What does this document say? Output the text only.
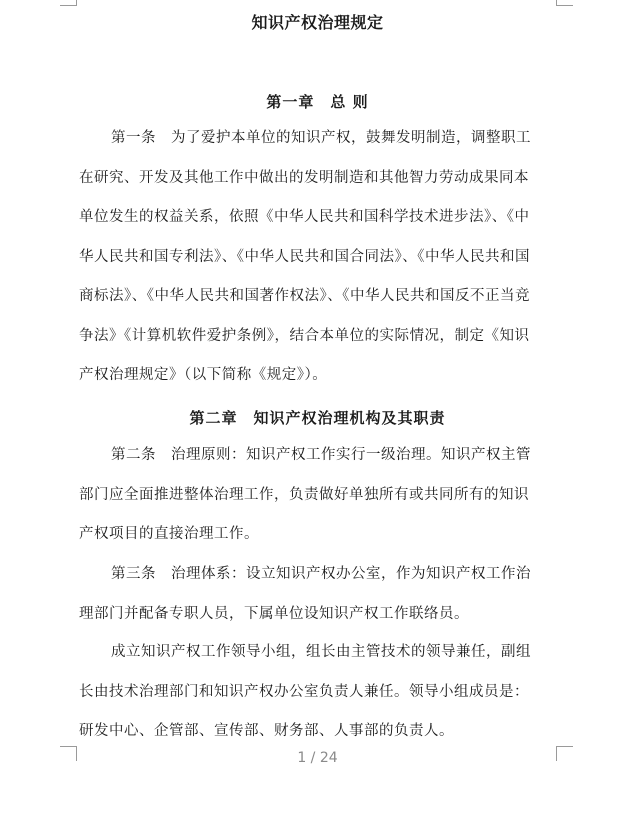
知识产权治理规定
第一章　总 则
第一条　为了爱护本单位的知识产权，鼓舞发明制造，调整职工
在研究、开发及其他工作中做出的发明制造和其他智力劳动成果同本
单位发生的权益关系，依照《中华人民共和国科学技术进步法》、《中
华人民共和国专利法》、《中华人民共和国合同法》、《中华人民共和国
商标法》、《中华人民共和国著作权法》、《中华人民共和国反不正当竞
争法》《计算机软件爱护条例》，结合本单位的实际情况，制定《知识
产权治理规定》（以下简称《规定》）。
第二章　知识产权治理机构及其职责
第二条　治理原则：知识产权工作实行一级治理。知识产权主管
部门应全面推进整体治理工作，负责做好单独所有或共同所有的知识
产权项目的直接治理工作。
第三条　治理体系：设立知识产权办公室，作为知识产权工作治
理部门并配备专职人员，下属单位设知识产权工作联络员。
成立知识产权工作领导小组，组长由主管技术的领导兼任，副组
长由技术治理部门和知识产权办公室负责人兼任。领导小组成员是：
研发中心、企管部、宣传部、财务部、人事部的负责人。
1 / 24
